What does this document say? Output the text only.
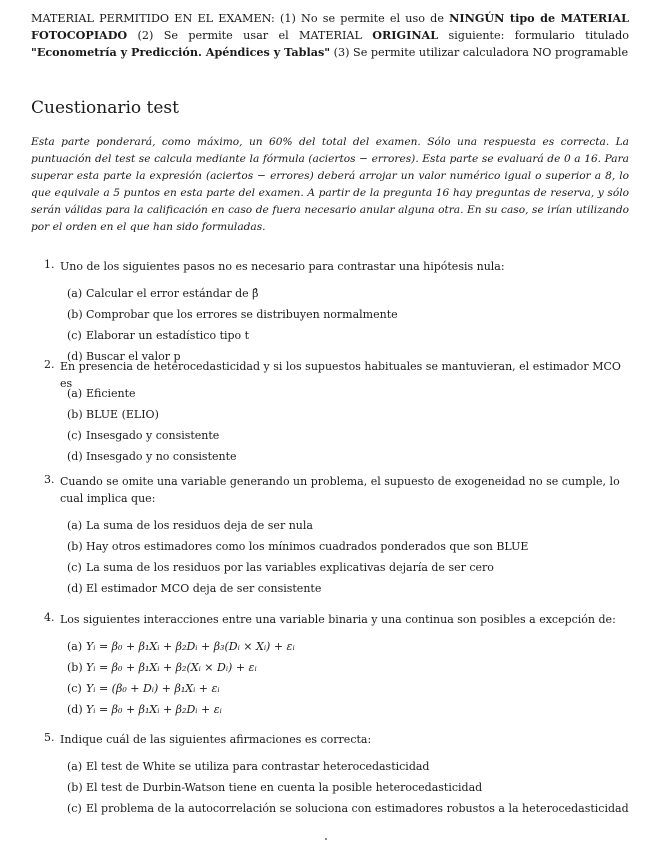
MATERIAL PERMITIDO EN EL EXAMEN: (1) No se permite el uso de NINGÚN tipo de MATERIAL FOTOCOPIADO (2) Se permite usar el MATERIAL ORIGINAL siguiente: formulario titulado "Econometría y Predicción. Apéndices y Tablas" (3) Se permite utilizar calculadora NO programable
Cuestionario test
Esta parte ponderará, como máximo, un 60% del total del examen. Sólo una respuesta es correcta. La puntuación del test se calcula mediante la fórmula (aciertos − errores). Esta parte se evaluará de 0 a 16. Para superar esta parte la expresión (aciertos − errores) deberá arrojar un valor numérico igual o superior a 8, lo que equivale a 5 puntos en esta parte del examen. A partir de la pregunta 16 hay preguntas de reserva, y sólo serán válidas para la calificación en caso de fuera necesario anular alguna otra. En su caso, se irían utilizando por el orden en el que han sido formuladas.
1. Uno de los siguientes pasos no es necesario para contrastar una hipótesis nula:
(a) Calcular el error estándar de β̂
(b) Comprobar que los errores se distribuyen normalmente
(c) Elaborar un estadístico tipo t
(d) Buscar el valor p
2. En presencia de heterocedasticidad y si los supuestos habituales se mantuvieran, el estimador MCO es
(a) Eficiente
(b) BLUE (ELIO)
(c) Insesgado y consistente
(d) Insesgado y no consistente
3. Cuando se omite una variable generando un problema, el supuesto de exogeneidad no se cumple, lo cual implica que:
(a) La suma de los residuos deja de ser nula
(b) Hay otros estimadores como los mínimos cuadrados ponderados que son BLUE
(c) La suma de los residuos por las variables explicativas dejaría de ser cero
(d) El estimador MCO deja de ser consistente
4. Los siguientes interacciones entre una variable binaria y una continua son posibles a excepción de:
(a) Yᵢ = β₀ + β₁Xᵢ + β₂Dᵢ + β₃(Dᵢ × Xᵢ) + εᵢ
(b) Yᵢ = β₀ + β₁Xᵢ + β₂(Xᵢ × Dᵢ) + εᵢ
(c) Yᵢ = (β₀ + Dᵢ) + β₁Xᵢ + εᵢ
(d) Yᵢ = β₀ + β₁Xᵢ + β₂Dᵢ + εᵢ
5. Indique cuál de las siguientes afirmaciones es correcta:
(a) El test de White se utiliza para contrastar heterocedasticidad
(b) El test de Durbin-Watson tiene en cuenta la posible heterocedasticidad
(c) El problema de la autocorrelación se soluciona con estimadores robustos a la heterocedasticidad
